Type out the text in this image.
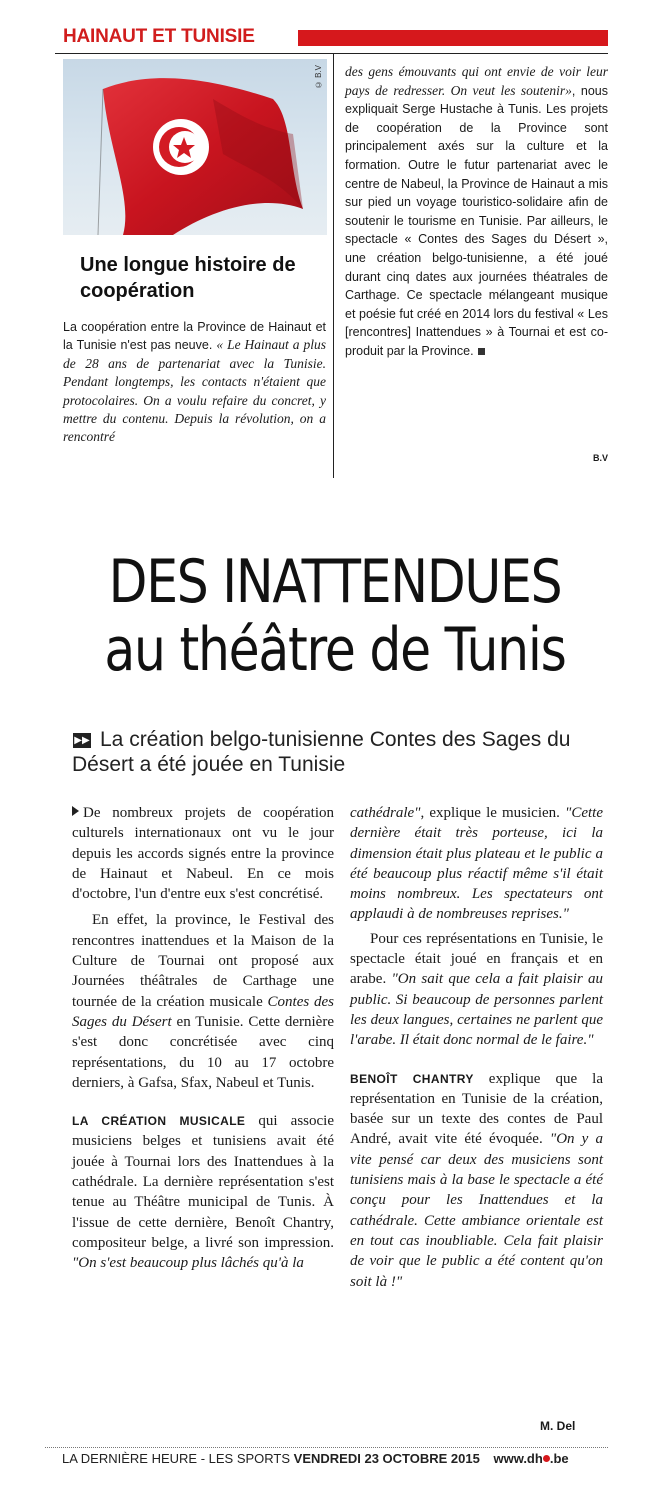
HAINAUT ET TUNISIE
© B.V
Une longue histoire de coopération
La coopération entre la Province de Hainaut et la Tunisie n'est pas neuve. « Le Hainaut a plus de 28 ans de partenariat avec la Tunisie. Pendant longtemps, les contacts n'étaient que protocolaires. On a voulu refaire du concret, y mettre du contenu. Depuis la révolution, on a rencontré
des gens émouvants qui ont envie de voir leur pays de redresser. On veut les soutenir», nous expliquait Serge Hustache à Tunis. Les projets de coopération de la Province sont principalement axés sur la culture et la formation. Outre le futur partenariat avec le centre de Nabeul, la Province de Hainaut a mis sur pied un voyage touristico-solidaire afin de soutenir le tourisme en Tunisie. Par ailleurs, le spectacle « Contes des Sages du Désert », une création belgo-tunisienne, a été joué durant cinq dates aux journées théatrales de Carthage. Ce spectacle mélangeant musique et poésie fut créé en 2014 lors du festival « Les [rencontres] Inattendues » à Tournai et est co-produit par la Province.
B.V
DES INATTENDUES
au théâtre de Tunis
▶▶ La création belgo-tunisienne Contes des Sages du Désert a été jouée en Tunisie

De nombreux projets de coopération culturels internationaux ont vu le jour depuis les accords signés entre la province de Hainaut et Nabeul. En ce mois d'octobre, l'un d'entre eux s'est concrétisé.

En effet, la province, le Festival des rencontres inattendues et la Maison de la Culture de Tournai ont proposé aux Journées théâtrales de Carthage une tournée de la création musicale Contes des Sages du Désert en Tunisie. Cette dernière s'est donc concrétisée avec cinq représentations, du 10 au 17 octobre derniers, à Gafsa, Sfax, Nabeul et Tunis.

LA CRÉATION MUSICALE qui associe musiciens belges et tunisiens avait été jouée à Tournai lors des Inattendues à la cathédrale. La dernière représentation s'est tenue au Théâtre municipal de Tunis. À l'issue de cette dernière, Benoît Chantry, compositeur belge, a livré son impression. "On s'est beaucoup plus lâchés qu'à la

cathédrale", explique le musicien. "Cette dernière était très porteuse, ici la dimension était plus plateau et le public a été beaucoup plus réactif même s'il était moins nombreux. Les spectateurs ont applaudi à de nombreuses reprises."

Pour ces représentations en Tunisie, le spectacle était joué en français et en arabe. "On sait que cela a fait plaisir au public. Si beaucoup de personnes parlent les deux langues, certaines ne parlent que l'arabe. Il était donc normal de le faire."

BENOÎT CHANTRY explique que la représentation en Tunisie de la création, basée sur un texte des contes de Paul André, avait vite été évoquée. "On y a vite pensé car deux des musiciens sont tunisiens mais à la base le spectacle a été conçu pour les Inattendues et la cathédrale. Cette ambiance orientale est en tout cas inoubliable. Cela fait plaisir de voir que le public a été content qu'on soit là !"

M. Del
LA DERNIÈRE HEURE - LES SPORTS VENDREDI 23 OCTOBRE 2015 www.dh .be
